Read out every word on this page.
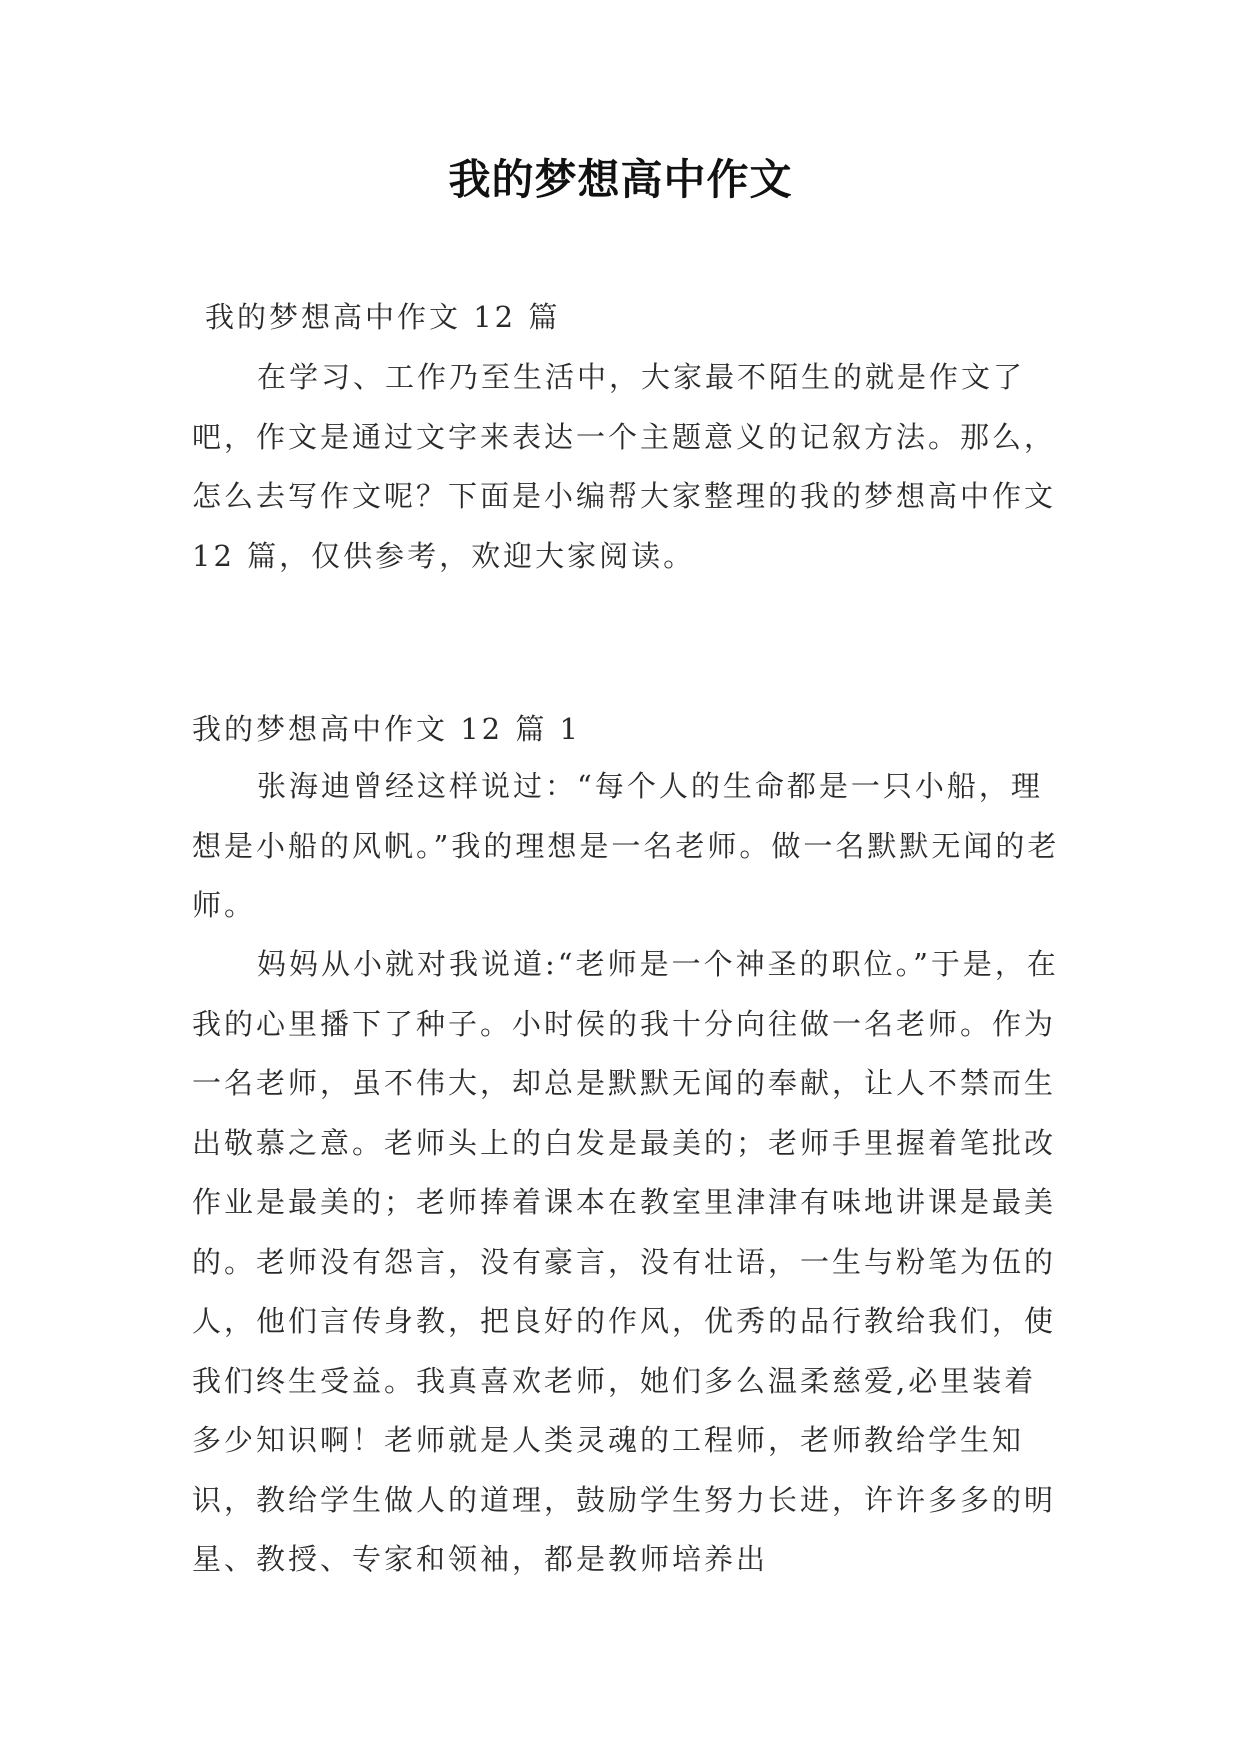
我的梦想高中作文
我的梦想高中作文 12 篇
在学习、工作乃至生活中，大家最不陌生的就是作文了吧，作文是通过文字来表达一个主题意义的记叙方法。那么，怎么去写作文呢？下面是小编帮大家整理的我的梦想高中作文 12 篇，仅供参考，欢迎大家阅读。
我的梦想高中作文 12 篇 1
张海迪曾经这样说过：“每个人的生命都是一只小船，理想是小船的风帆。”我的理想是一名老师。做一名默默无闻的老师。
妈妈从小就对我说道:“老师是一个神圣的职位。”于是，在我的心里播下了种子。小时侯的我十分向往做一名老师。作为一名老师，虽不伟大，却总是默默无闻的奉献，让人不禁而生出敬慕之意。老师头上的白发是最美的；老师手里握着笔批改作业是最美的；老师捧着课本在教室里津津有味地讲课是最美的。老师没有怨言，没有豪言，没有壮语，一生与粉笔为伍的人，他们言传身教，把良好的作风，优秀的品行教给我们，使我们终生受益。我真喜欢老师，她们多么温柔慈爱,必里装着多少知识啊！老师就是人类灵魂的工程师，老师教给学生知识，教给学生做人的道理，鼓励学生努力长进，许许多多的明星、教授、专家和领袖，都是教师培养出
